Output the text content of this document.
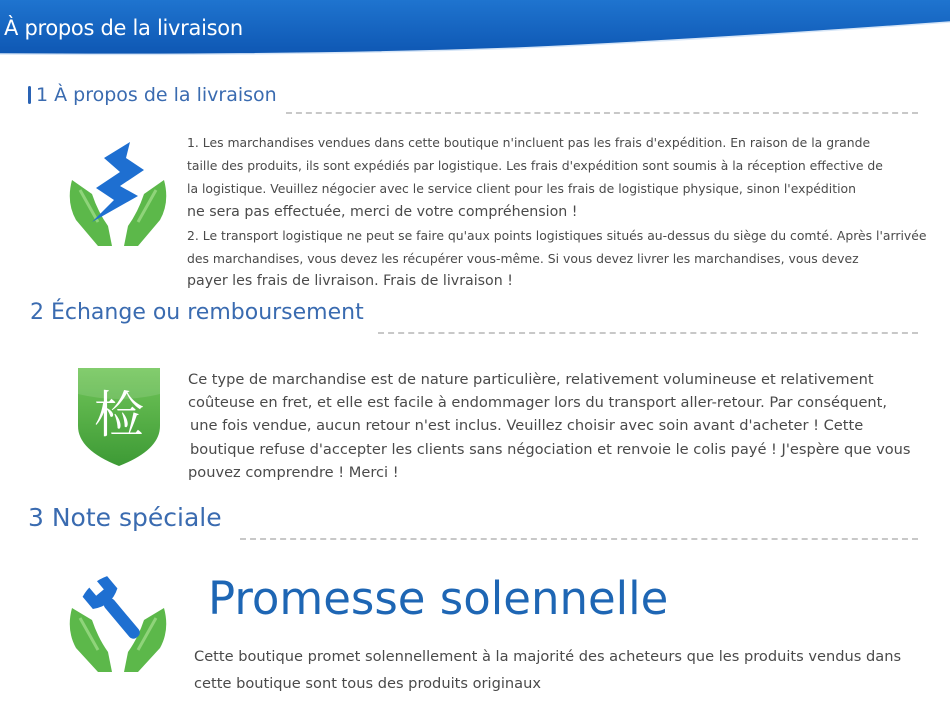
À propos de la livraison
1 À propos de la livraison

1. Les marchandises vendues dans cette boutique n'incluent pas les frais d'expédition. En raison de la grande

taille des produits, ils sont expédiés par logistique. Les frais d'expédition sont soumis à la réception effective de

la logistique. Veuillez négocier avec le service client pour les frais de logistique physique, sinon l'expédition

ne sera pas effectuée, merci de votre compréhension !

2. Le transport logistique ne peut se faire qu'aux points logistiques situés au-dessus du siège du comté. Après l'arrivée

des marchandises, vous devez les récupérer vous-même. Si vous devez livrer les marchandises, vous devez

payer les frais de livraison. Frais de livraison !

2 Échange ou remboursement
检

Ce type de marchandise est de nature particulière, relativement volumineuse et relativement

coûteuse en fret, et elle est facile à endommager lors du transport aller-retour. Par conséquent,

une fois vendue, aucun retour n'est inclus. Veuillez choisir avec soin avant d'acheter ! Cette

boutique refuse d'accepter les clients sans négociation et renvoie le colis payé ! J'espère que vous

pouvez comprendre ! Merci !

3 Note spéciale
Promesse solennelle

Cette boutique promet solennellement à la majorité des acheteurs que les produits vendus dans

cette boutique sont tous des produits originaux
